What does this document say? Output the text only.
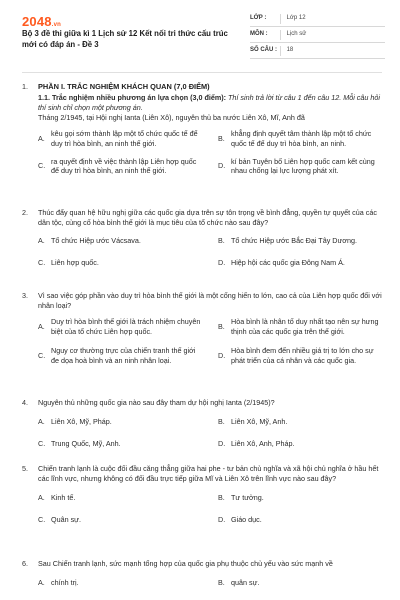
2048.vn
Bộ 3 đề thi giữa kì 1 Lịch sử 12 Kết nối tri thức cấu trúc mới có đáp án - Đề 3
LỚP :	Lớp 12
MÔN :	Lịch sử
SỐ CÂU :	18
1.	PHẦN I. TRẮC NGHIỆM KHÁCH QUAN (7,0 ĐIỂM)
1.1. Trắc nghiệm nhiều phương án lựa chọn (3,0 điểm): Thí sinh trả lời từ câu 1 đến câu 12. Mỗi câu hỏi thí sinh chỉ chọn một phương án.
Tháng 2/1945, tại Hội nghị Ianta (Liên Xô), nguyên thủ ba nước Liên Xô, Mĩ, Anh đã
A.
kêu gọi sớm thành lập một tổ chức quốc tế để duy trì hòa bình, an ninh thế giới.
B.
khẳng định quyết tâm thành lập một tổ chức quốc tế để duy trì hòa bình, an ninh.
C.
ra quyết định về việc thành lập Liên hợp quốc để duy trì hòa bình, an ninh thế giới.
D.
kí bản Tuyên bố Liên hợp quốc cam kết cùng nhau chống lại lực lượng phát xít.
2.	Thúc đẩy quan hệ hữu nghị giữa các quốc gia dựa trên sự tôn trọng về bình đẳng, quyền tự quyết của các dân tộc, củng cố hòa bình thế giới là mục tiêu của tổ chức nào sau đây?
A. Tổ chức Hiệp ước Vácsava.	B. Tổ chức Hiệp ước Bắc Đại Tây Dương.
C. Liên hợp quốc.	D. Hiệp hội các quốc gia Đông Nam Á.
3.	Vì sao việc góp phần vào duy trì hòa bình thế giới là một cống hiến to lớn, cao cả của Liên hợp quốc đối với nhân loại?
A.
Duy trì hòa bình thế giới là trách nhiệm chuyên biệt của tổ chức Liên hợp quốc.
B.
Hòa bình là nhân tố duy nhất tạo nên sự hưng thịnh của các quốc gia trên thế giới.
C.
Nguy cơ thường trực của chiến tranh thế giới đe dọa hoà bình và an ninh nhân loại.
D.
Hòa bình đem đến nhiều giá trị to lớn cho sự phát triển của cá nhân và các quốc gia.
4.	Nguyên thủ những quốc gia nào sau đây tham dự hội nghị Ianta (2/1945)?
A. Liên Xô, Mỹ, Pháp.	B. Liên Xô, Mỹ, Anh.
C. Trung Quốc, Mỹ, Anh.	D. Liên Xô, Anh, Pháp.
5.	Chiến tranh lạnh là cuộc đối đầu căng thẳng giữa hai phe - tư bản chủ nghĩa và xã hội chủ nghĩa ở hầu hết các lĩnh vực, nhưng không có đối đầu trực tiếp giữa Mĩ và Liên Xô trên lĩnh vực nào sau đây?
A. Kinh tế.	B. Tư tưởng.
C. Quân sự.	D. Giáo dục.
6.	Sau Chiến tranh lạnh, sức mạnh tổng hợp của quốc gia phụ thuộc chủ yếu vào sức mạnh về
A. chính trị.	B. quân sự.
